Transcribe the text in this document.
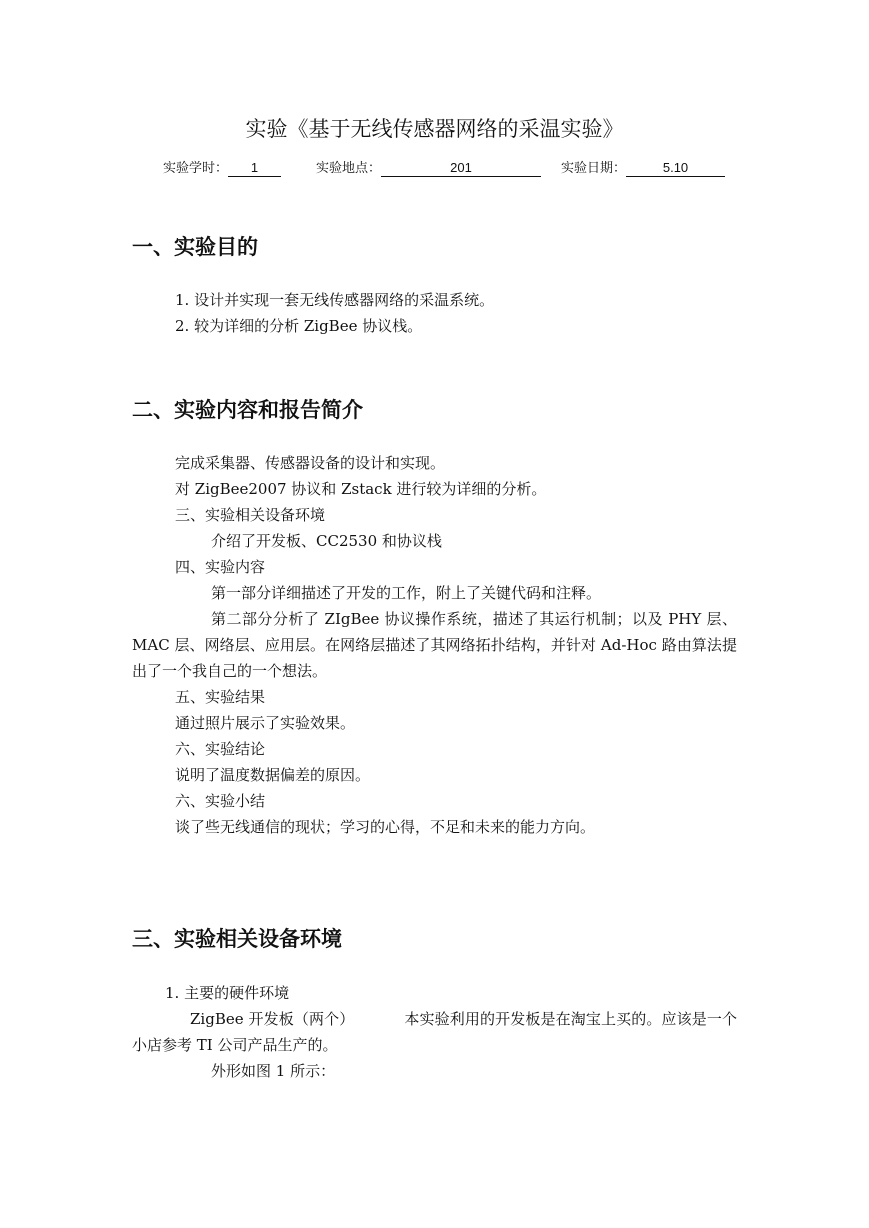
实验《基于无线传感器网络的采温实验》
实验学时： 1	实验地点：	201	实验日期：	5.10
一、实验目的
1. 设计并实现一套无线传感器网络的采温系统。
2. 较为详细的分析 ZigBee 协议栈。
二、实验内容和报告简介
完成采集器、传感器设备的设计和实现。
对 ZigBee2007 协议和 Zstack 进行较为详细的分析。
三、实验相关设备环境
介绍了开发板、CC2530 和协议栈
四、实验内容
第一部分详细描述了开发的工作，附上了关键代码和注释。
第二部分分析了 ZIgBee 协议操作系统，描述了其运行机制；以及 PHY 层、MAC 层、网络层、应用层。在网络层描述了其网络拓扑结构，并针对 Ad-Hoc 路由算法提出了一个我自己的一个想法。
五、实验结果
通过照片展示了实验效果。
六、实验结论
说明了温度数据偏差的原因。
六、实验小结
谈了些无线通信的现状；学习的心得，不足和未来的能力方向。
三、实验相关设备环境
1. 主要的硬件环境
ZigBee 开发板（两个）	本实验利用的开发板是在淘宝上买的。应该是一个小店参考 TI 公司产品生产的。
外形如图 1 所示：
